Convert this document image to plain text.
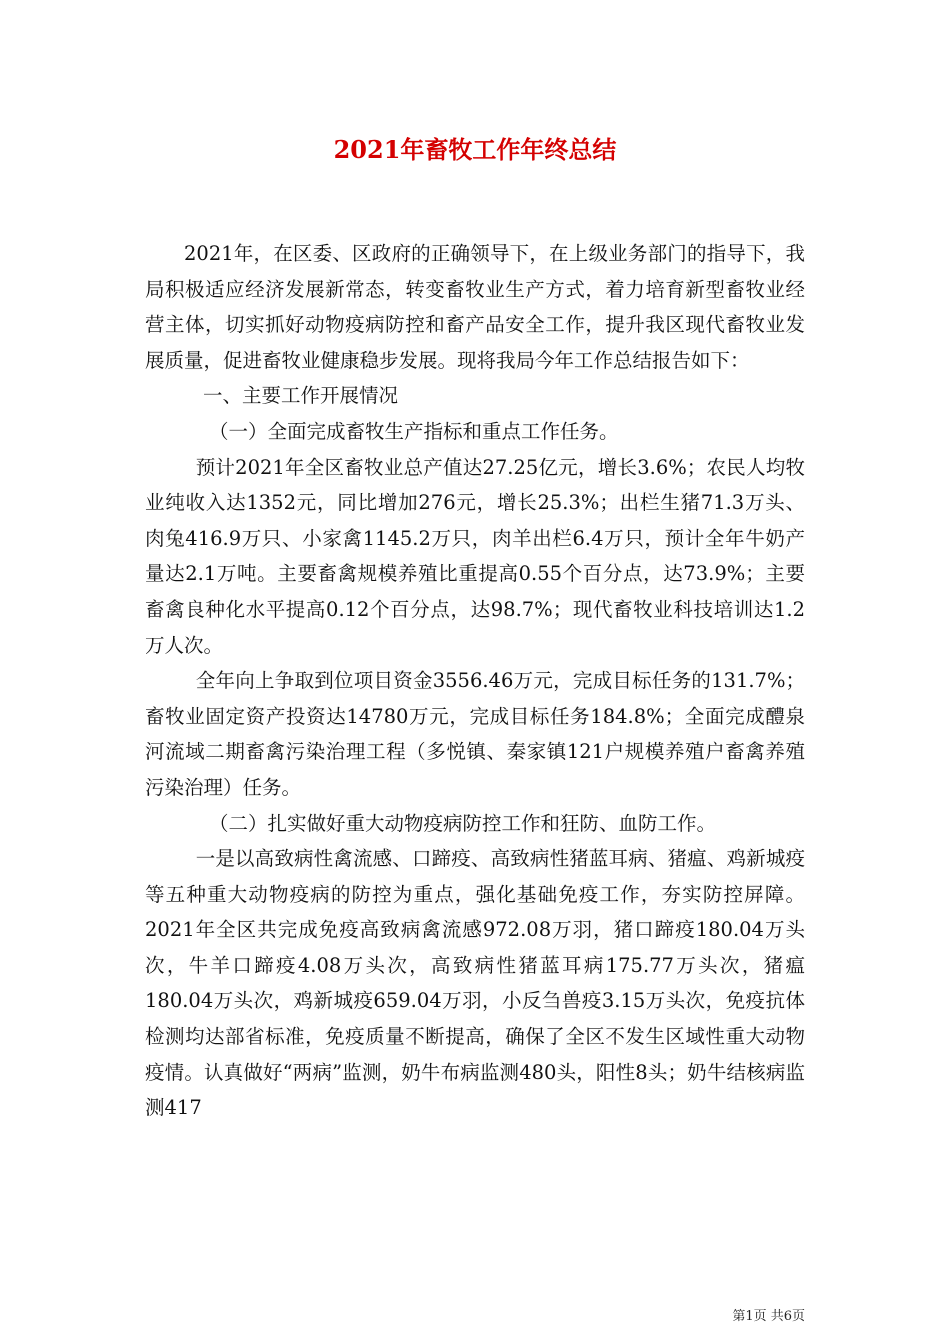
2021年畜牧工作年终总结

2021年，在区委、区政府的正确领导下，在上级业务部门的指导下，我局积极适应经济发展新常态，转变畜牧业生产方式，着力培育新型畜牧业经营主体，切实抓好动物疫病防控和畜产品安全工作，提升我区现代畜牧业发展质量，促进畜牧业健康稳步发展。现将我局今年工作总结报告如下：

一、主要工作开展情况

（一）全面完成畜牧生产指标和重点工作任务。

预计2021年全区畜牧业总产值达27.25亿元，增长3.6%；农民人均牧业纯收入达1352元，同比增加276元，增长25.3%；出栏生猪71.3万头、肉兔416.9万只、小家禽1145.2万只，肉羊出栏6.4万只，预计全年牛奶产量达2.1万吨。主要畜禽规模养殖比重提高0.55个百分点，达73.9%；主要畜禽良种化水平提高0.12个百分点，达98.7%；现代畜牧业科技培训达1.2万人次。

全年向上争取到位项目资金3556.46万元，完成目标任务的131.7%；畜牧业固定资产投资达14780万元，完成目标任务184.8%；全面完成醴泉河流域二期畜禽污染治理工程（多悦镇、秦家镇121户规模养殖户畜禽养殖污染治理）任务。

（二）扎实做好重大动物疫病防控工作和狂防、血防工作。

一是以高致病性禽流感、口蹄疫、高致病性猪蓝耳病、猪瘟、鸡新城疫等五种重大动物疫病的防控为重点，强化基础免疫工作，夯实防控屏障。2021年全区共完成免疫高致病禽流感972.08万羽，猪口蹄疫180.04万头次，牛羊口蹄疫4.08万头次，高致病性猪蓝耳病175.77万头次，猪瘟180.04万头次，鸡新城疫659.04万羽，小反刍兽疫3.15万头次，免疫抗体检测均达部省标准，免疫质量不断提高，确保了全区不发生区域性重大动物疫情。认真做好“两病”监测，奶牛布病监测480头，阳性8头；奶牛结核病监测417

第1页 共6页
